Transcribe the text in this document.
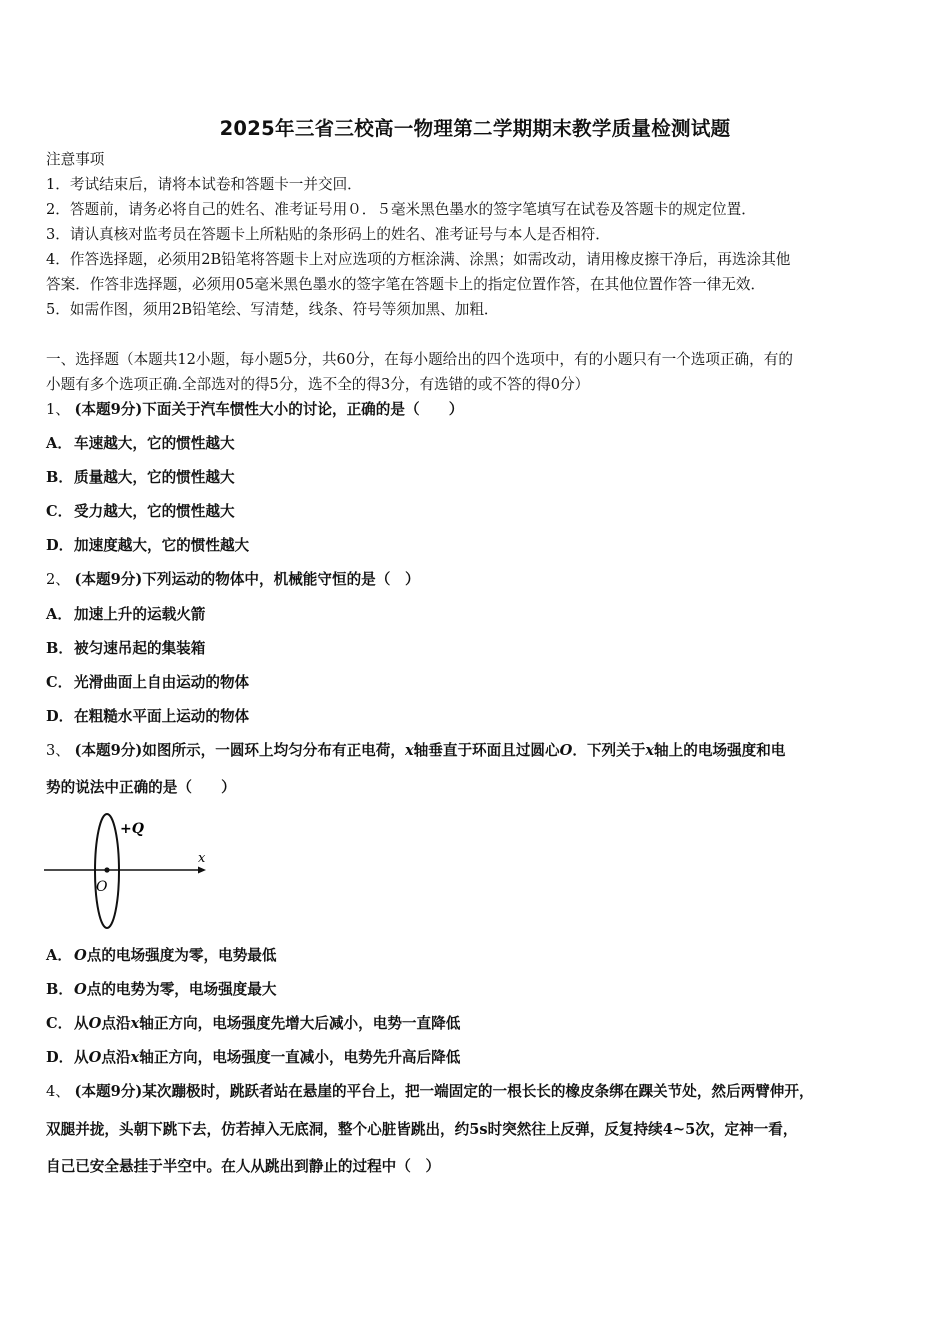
2025年三省三校高一物理第二学期期末教学质量检测试题
注意事项
1．考试结束后，请将本试卷和答题卡一并交回．
2．答题前，请务必将自己的姓名、准考证号用０．５毫米黑色墨水的签字笔填写在试卷及答题卡的规定位置．
3．请认真核对监考员在答题卡上所粘贴的条形码上的姓名、准考证号与本人是否相符．
4．作答选择题，必须用2B铅笔将答题卡上对应选项的方框涂满、涂黑；如需改动，请用橡皮擦干净后，再选涂其他
答案．作答非选择题，必须用05毫米黑色墨水的签字笔在答题卡上的指定位置作答，在其他位置作答一律无效．
5．如需作图，须用2B铅笔绘、写清楚，线条、符号等须加黑、加粗．
一、选择题（本题共12小题，每小题5分，共60分，在每小题给出的四个选项中，有的小题只有一个选项正确，有的
小题有多个选项正确.全部选对的得5分，选不全的得3分，有选错的或不答的得0分）
1、 (本题9分)下面关于汽车惯性大小的讨论，正确的是（　　）
A． 车速越大，它的惯性越大
B．质量越大，它的惯性越大
C． 受力越大，它的惯性越大
D．加速度越大，它的惯性越大
2、 (本题9分)下列运动的物体中，机械能守恒的是（　）
A． 加速上升的运载火箭
B．被匀速吊起的集装箱
C． 光滑曲面上自由运动的物体
D．在粗糙水平面上运动的物体
3、 (本题9分)如图所示，一圆环上均匀分布有正电荷，x轴垂直于环面且过圆心O．下列关于x轴上的电场强度和电
势的说法中正确的是（　　）
+Q
x
O
A． O点的电场强度为零，电势最低
B．O点的电势为零，电场强度最大
C． 从O点沿x轴正方向，电场强度先增大后减小，电势一直降低
D．从O点沿x轴正方向，电场强度一直减小，电势先升高后降低
4、 (本题9分)某次蹦极时，跳跃者站在悬崖的平台上，把一端固定的一根长长的橡皮条绑在踝关节处，然后两臂伸开，
双腿并拢，头朝下跳下去，仿若掉入无底洞，整个心脏皆跳出，约5s时突然往上反弹，反复持续4~5次，定神一看，
自己已安全悬挂于半空中。在人从跳出到静止的过程中（　）
